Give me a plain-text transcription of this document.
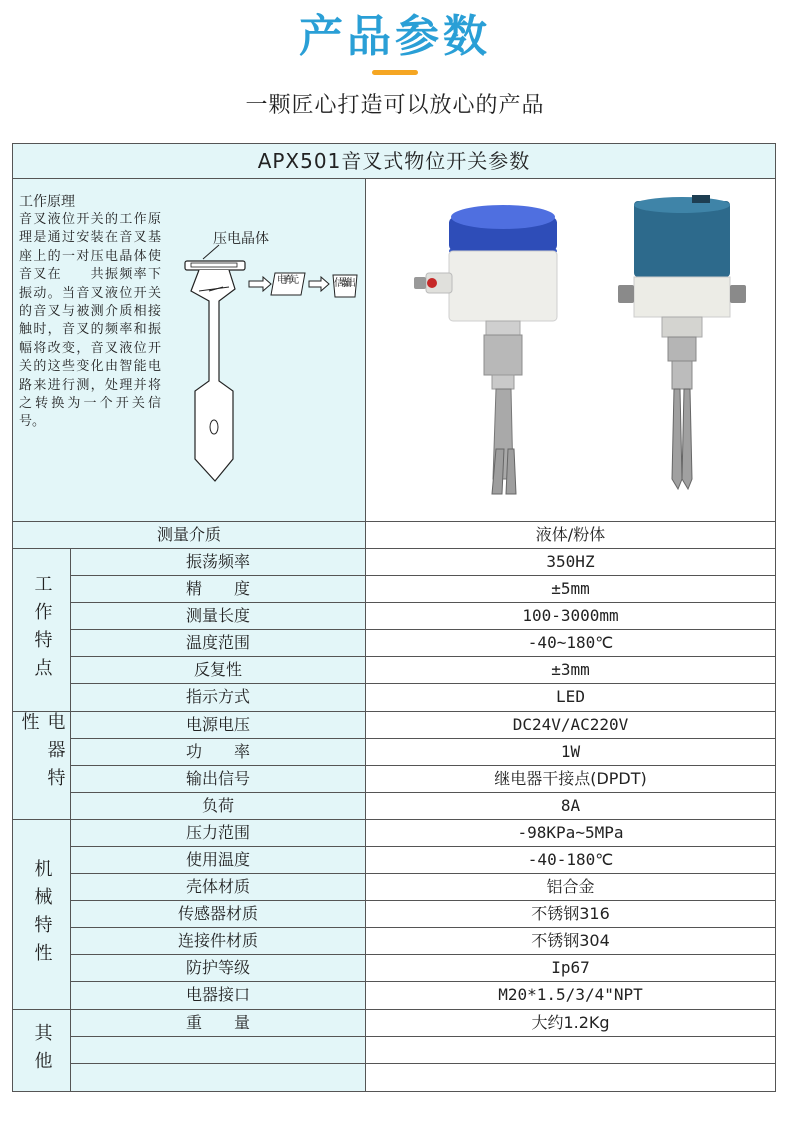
产品参数
一颗匠心打造可以放心的产品
APX501音叉式物位开关参数
工作原理
音叉液位开关的工作原理是通过安装在音叉基座上的一对压电晶体使音叉在　　共振频率下振动。当音叉液位开关的音叉与被测介质相接触时，音叉的频率和振幅将改变，音叉液位开关的这些变化由智能电路来进行测，处理并将之转换为一个开关信号。
压电晶体
电子单元	信号输出
测量介质	液体/粉体
工作特点
振荡频率	350HZ
精　　度	±5mm
测量长度	100-3000mm
温度范围	-40~180℃
反复性	±3mm
指示方式	LED
电器特性	电源电压	DC24V/AC220V
功　　率	1W
输出信号	继电器干接点(DPDT)
负荷	8A
机械特性
压力范围	-98KPa~5MPa
使用温度	-40-180℃
壳体材质	铝合金
传感器材质	不锈钢316
连接件材质	不锈钢304
防护等级	Ip67
电器接口	M20*1.5/3/4"NPT
其他	重　　量	大约1.2Kg
